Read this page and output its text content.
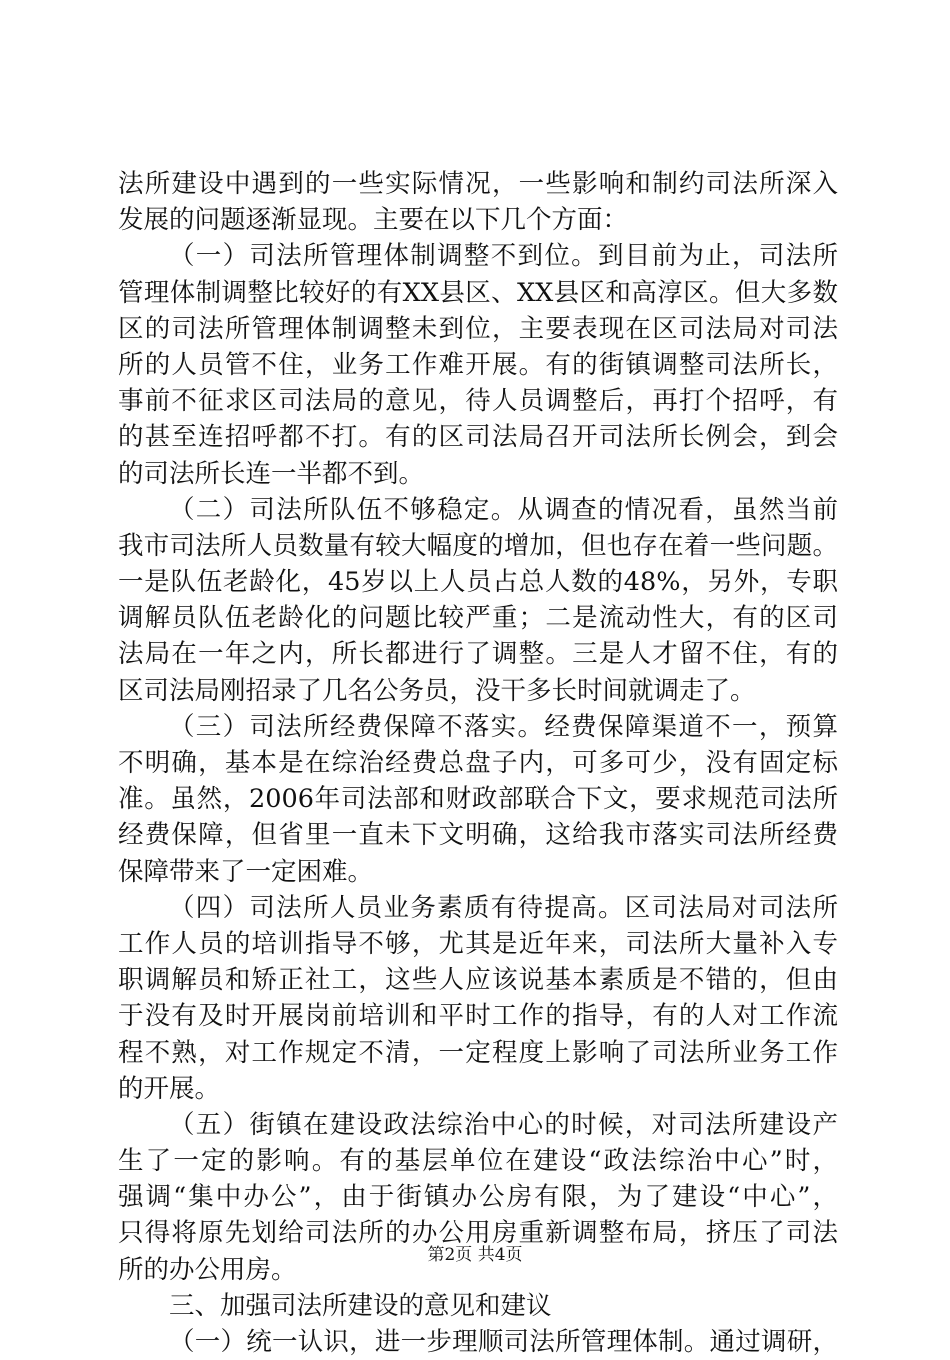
法所建设中遇到的一些实际情况，一些影响和制约司法所深入
发展的问题逐渐显现。主要在以下几个方面：
（一）司法所管理体制调整不到位。到目前为止，司法所
管理体制调整比较好的有XX县区、XX县区和高淳区。但大多数
区的司法所管理体制调整未到位，主要表现在区司法局对司法
所的人员管不住，业务工作难开展。有的街镇调整司法所长，
事前不征求区司法局的意见，待人员调整后，再打个招呼，有
的甚至连招呼都不打。有的区司法局召开司法所长例会，到会
的司法所长连一半都不到。
（二）司法所队伍不够稳定。从调查的情况看，虽然当前
我市司法所人员数量有较大幅度的增加，但也存在着一些问题。
一是队伍老龄化，45岁以上人员占总人数的48%，另外，专职
调解员队伍老龄化的问题比较严重；二是流动性大，有的区司
法局在一年之内，所长都进行了调整。三是人才留不住，有的
区司法局刚招录了几名公务员，没干多长时间就调走了。
（三）司法所经费保障不落实。经费保障渠道不一，预算
不明确，基本是在综治经费总盘子内，可多可少，没有固定标
准。虽然，2006年司法部和财政部联合下文，要求规范司法所
经费保障，但省里一直未下文明确，这给我市落实司法所经费
保障带来了一定困难。
（四）司法所人员业务素质有待提高。区司法局对司法所
工作人员的培训指导不够，尤其是近年来，司法所大量补入专
职调解员和矫正社工，这些人应该说基本素质是不错的，但由
于没有及时开展岗前培训和平时工作的指导，有的人对工作流
程不熟，对工作规定不清，一定程度上影响了司法所业务工作
的开展。
（五）街镇在建设政法综治中心的时候，对司法所建设产
生了一定的影响。有的基层单位在建设“政法综治中心”时，
强调“集中办公”，由于街镇办公房有限，为了建设“中心”，
只得将原先划给司法所的办公用房重新调整布局，挤压了司法
所的办公用房。
三、加强司法所建设的意见和建议
（一）统一认识，进一步理顺司法所管理体制。通过调研，
第2页 共4页
